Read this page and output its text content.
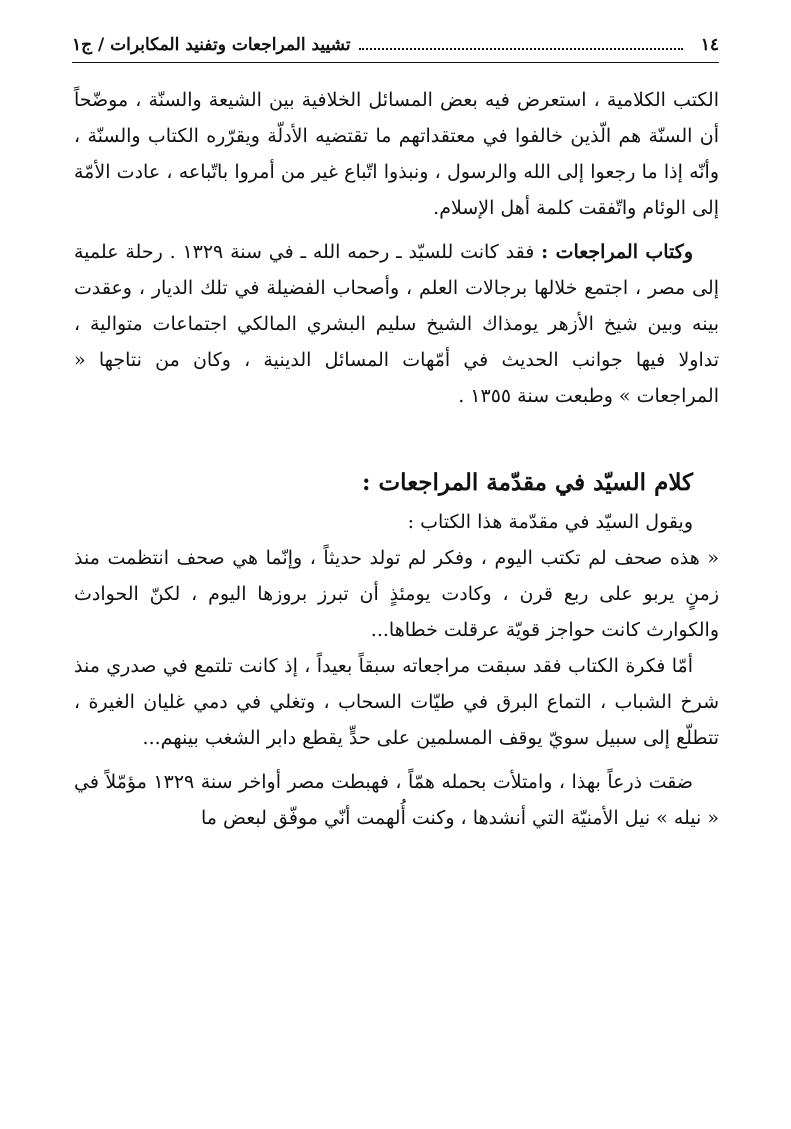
١٤
تشييد المراجعات وتفنيد المكابرات / ج١

الكتب الكلامية ، استعرض فيه بعض المسائل الخلافية بين الشيعة والسنّة ، موضّحاً أن السنّة هم الّذين خالفوا في معتقداتهم ما تقتضيه الأدلّة ويقرّره الكتاب والسنّة ، وأنّه إذا ما رجعوا إلى الله والرسول ، ونبذوا اتّباع غير من أمروا باتّباعه ، عادت الأمّة إلى الوئام واتّفقت كلمة أهل الإسلام.

وكتاب المراجعات : فقد كانت للسيّد ـ رحمه الله ـ في سنة ١٣٢٩ . رحلة علمية إلى مصر ، اجتمع خلالها برجالات العلم ، وأصحاب الفضيلة في تلك الديار ، وعقدت بينه وبين شيخ الأزهر يومذاك الشيخ سليم البشري المالكي اجتماعات متوالية ، تداولا فيها جوانب الحديث في أمّهات المسائل الدينية ، وكان من نتاجها « المراجعات » وطبعت سنة ١٣٥٥ .

كلام السيّد في مقدّمة المراجعات :

ويقول السيّد في مقدّمة هذا الكتاب :

« هذه صحف لم تكتب اليوم ، وفكر لم تولد حديثاً ، وإنّما هي صحف انتظمت منذ زمنٍ يربو على ربع قرن ، وكادت يومئذٍ أن تبرز بروزها اليوم ، لكنّ الحوادث والكوارث كانت حواجز قويّة عرقلت خطاها...

أمّا فكرة الكتاب فقد سبقت مراجعاته سبقاً بعيداً ، إذ كانت تلتمع في صدري منذ شرخ الشباب ، التماع البرق في طيّات السحاب ، وتغلي في دمي غليان الغيرة ، تتطلّع إلى سبيل سويّ يوقف المسلمين على حدٍّ يقطع دابر الشغب بينهم...

ضقت ذرعاً بهذا ، وامتلأت بحمله همّاً ، فهبطت مصر أواخر سنة ١٣٢٩ مؤمّلاً في « نيله » نيل الأمنيّة التي أنشدها ، وكنت أُلهمت أنّي موفّق لبعض ما
